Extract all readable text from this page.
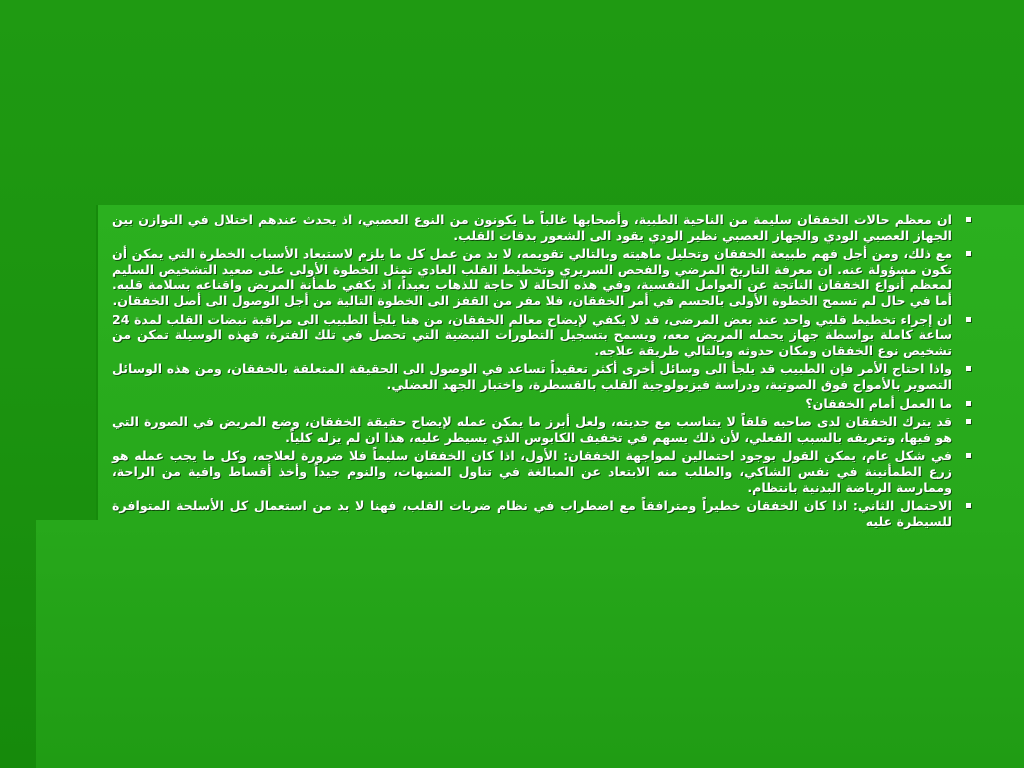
ان معظم حالات الخفقان سليمة من الناحية الطبية، وأصحابها غالباً ما يكونون من النوع العصبي، اذ يحدث عندهم اختلال في التوازن بين الجهاز العصبي الودي والجهاز العصبي نظير الودي يقود الى الشعور بدقات القلب.
مع ذلك، ومن أجل فهم طبيعة الخفقان وتحليل ماهيته وبالتالي تقويمه، لا بد من عمل كل ما يلزم لاستبعاد الأسباب الخطرة التي يمكن أن تكون مسؤولة عنه. ان معرفة التاريخ المرضي والفحص السريري وتخطيط القلب العادي تمثل الخطوة الأولى على صعيد التشخيص السليم لمعظم أنواع الخفقان الناتجة عن العوامل النفسية، وفي هذه الحالة لا حاجة للذهاب بعيداً، اذ يكفي طمأنة المريض واقناعه بسلامة قلبه. أما في حال لم تسمح الخطوة الأولى بالحسم في أمر الخفقان، فلا مفر من القفز الى الخطوة التالية من أجل الوصول الى أصل الخفقان.
ان إجراء تخطيط قلبي واحد عند بعض المرضى، قد لا يكفي لإيضاح معالم الخفقان، من هنا يلجأ الطبيب الى مراقبة نبضات القلب لمدة 24 ساعة كاملة بواسطة جهاز يحمله المريض معه، ويسمح بتسجيل التطورات النبضية التي تحصل في تلك الفترة، فهذه الوسيلة تمكن من تشخيص نوع الخفقان ومكان حدوثه وبالتالي طريقة علاجه.
واذا احتاج الأمر فإن الطبيب قد يلجأ الى وسائل أخرى أكثر تعقيداً تساعد في الوصول الى الحقيقة المتعلقة بالخفقان، ومن هذه الوسائل التصوير بالأمواج فوق الصوتية، ودراسة فيزيولوجية القلب بالقسطرة، واختبار الجهد العضلي.
ما العمل أمام الخفقان؟
قد يترك الخفقان لدى صاحبه قلقاً لا يتناسب مع جديته، ولعل أبرز ما يمكن عمله لإيضاح حقيقة الخفقان، وضع المريض في الصورة التي هو فيها، وتعريفه بالسبب الفعلي، لأن ذلك يسهم في تخفيف الكابوس الذي يسيطر عليه، هذا ان لم يزله كلياً.
في شكل عام، يمكن القول بوجود احتمالين لمواجهة الخفقان: الأول، اذا كان الخفقان سليماً فلا ضرورة لعلاجه، وكل ما يجب عمله هو زرع الطمأنينة في نفس الشاكي، والطلب منه الابتعاد عن المبالغة في تناول المنبهات، والنوم جيداً وأخذ أقساط وافية من الراحة، وممارسة الرياضة البدنية بانتظام.
الاحتمال الثاني: اذا كان الخفقان خطيراً ومترافقاً مع اضطراب في نظام ضربات القلب، فهنا لا بد من استعمال كل الأسلحة المتوافرة للسيطرة عليه
